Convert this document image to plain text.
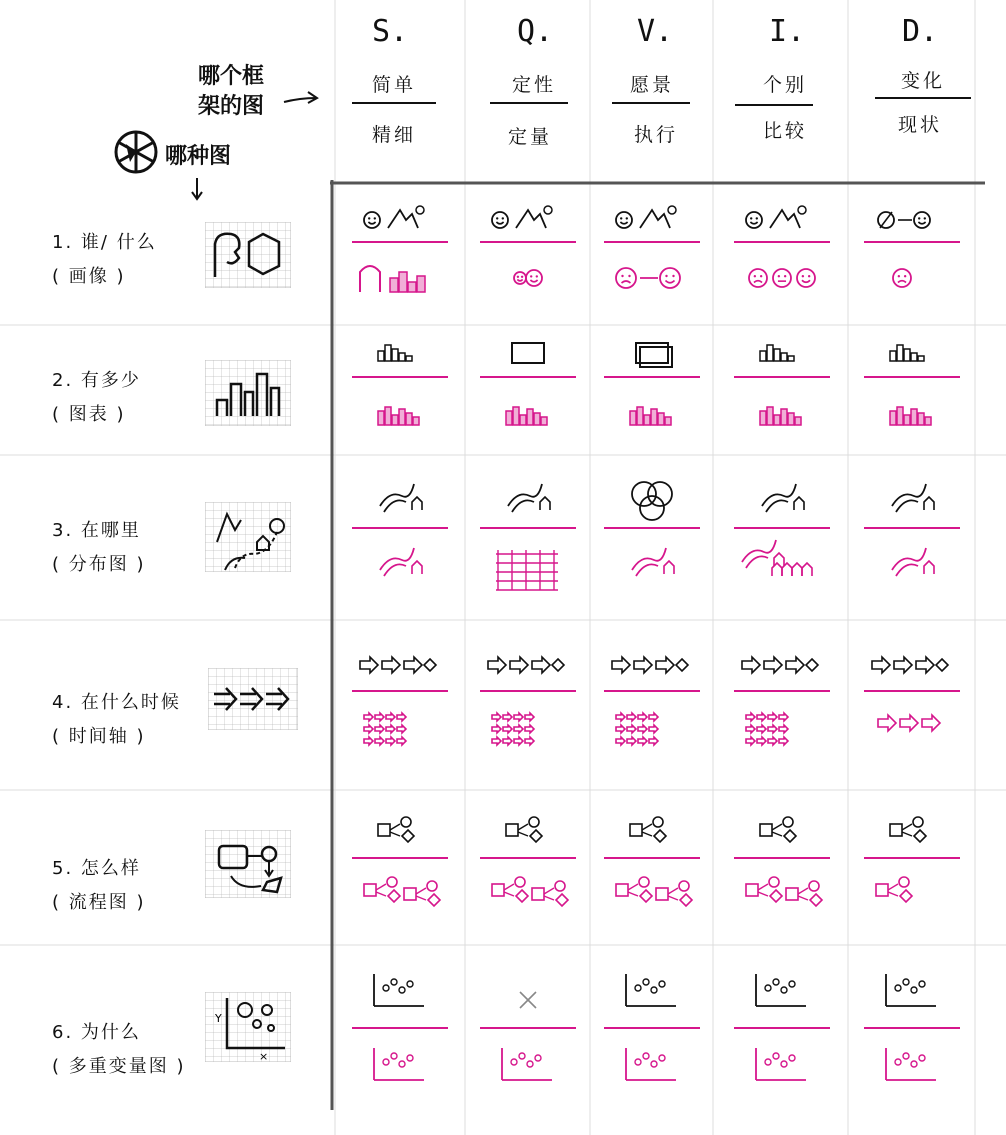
S.	Q.	V.	I.	D.
简单	定性	愿景	个别	变化
精细	定量	执行	比较	现状
哪个框
架的图
哪种图
1. 谁/ 什么
( 画像 )
2. 有多少
( 图表 )
3. 在哪里
( 分布图 )
4. 在什么时候
( 时间轴 )
5. 怎么样
( 流程图 )
6. 为什么
( 多重变量图 )
Y
×
